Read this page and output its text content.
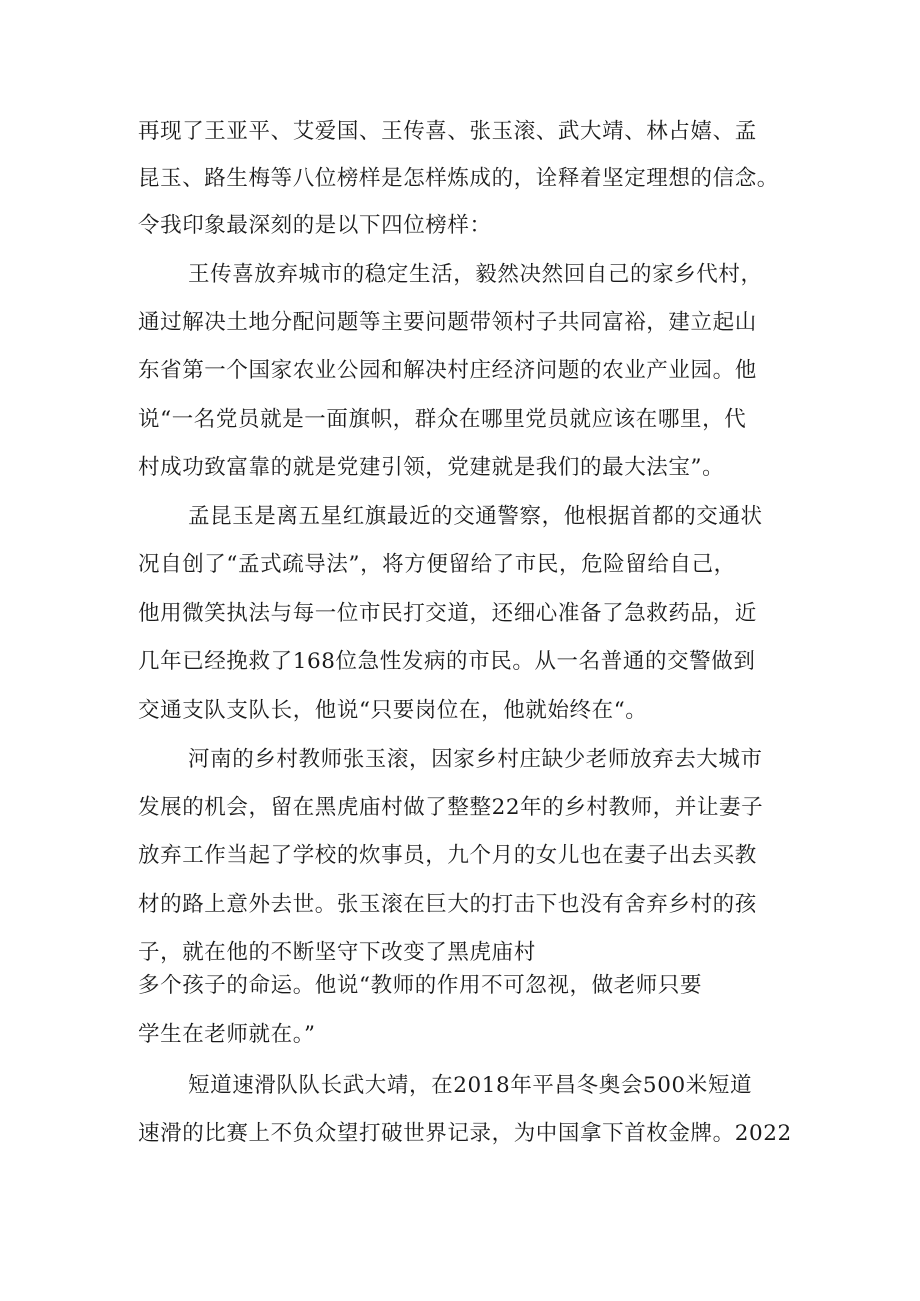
再现了王亚平、艾爱国、王传喜、张玉滚、武大靖、林占嬉、孟
昆玉、路生梅等八位榜样是怎样炼成的，诠释着坚定理想的信念。
令我印象最深刻的是以下四位榜样：
王传喜放弃城市的稳定生活，毅然决然回自己的家乡代村，
通过解决土地分配问题等主要问题带领村子共同富裕，建立起山
东省第一个国家农业公园和解决村庄经济问题的农业产业园。他
说“一名党员就是一面旗帜，群众在哪里党员就应该在哪里，代
村成功致富靠的就是党建引领，党建就是我们的最大法宝”。
孟昆玉是离五星红旗最近的交通警察，他根据首都的交通状
况自创了“孟式疏导法”，将方便留给了市民，危险留给自己，
他用微笑执法与每一位市民打交道，还细心准备了急救药品，近
几年已经挽救了168位急性发病的市民。从一名普通的交警做到
交通支队支队长，他说“只要岗位在，他就始终在“。
河南的乡村教师张玉滚，因家乡村庄缺少老师放弃去大城市
发展的机会，留在黑虎庙村做了整整22年的乡村教师，并让妻子
放弃工作当起了学校的炊事员，九个月的女儿也在妻子出去买教
材的路上意外去世。张玉滚在巨大的打击下也没有舍弃乡村的孩
子，就在他的不断坚守下改变了黑虎庙村
多个孩子的命运。他说“教师的作用不可忽视，做老师只要
学生在老师就在。”
短道速滑队队长武大靖，在2018年平昌冬奥会500米短道
速滑的比赛上不负众望打破世界记录，为中国拿下首枚金牌。2022
